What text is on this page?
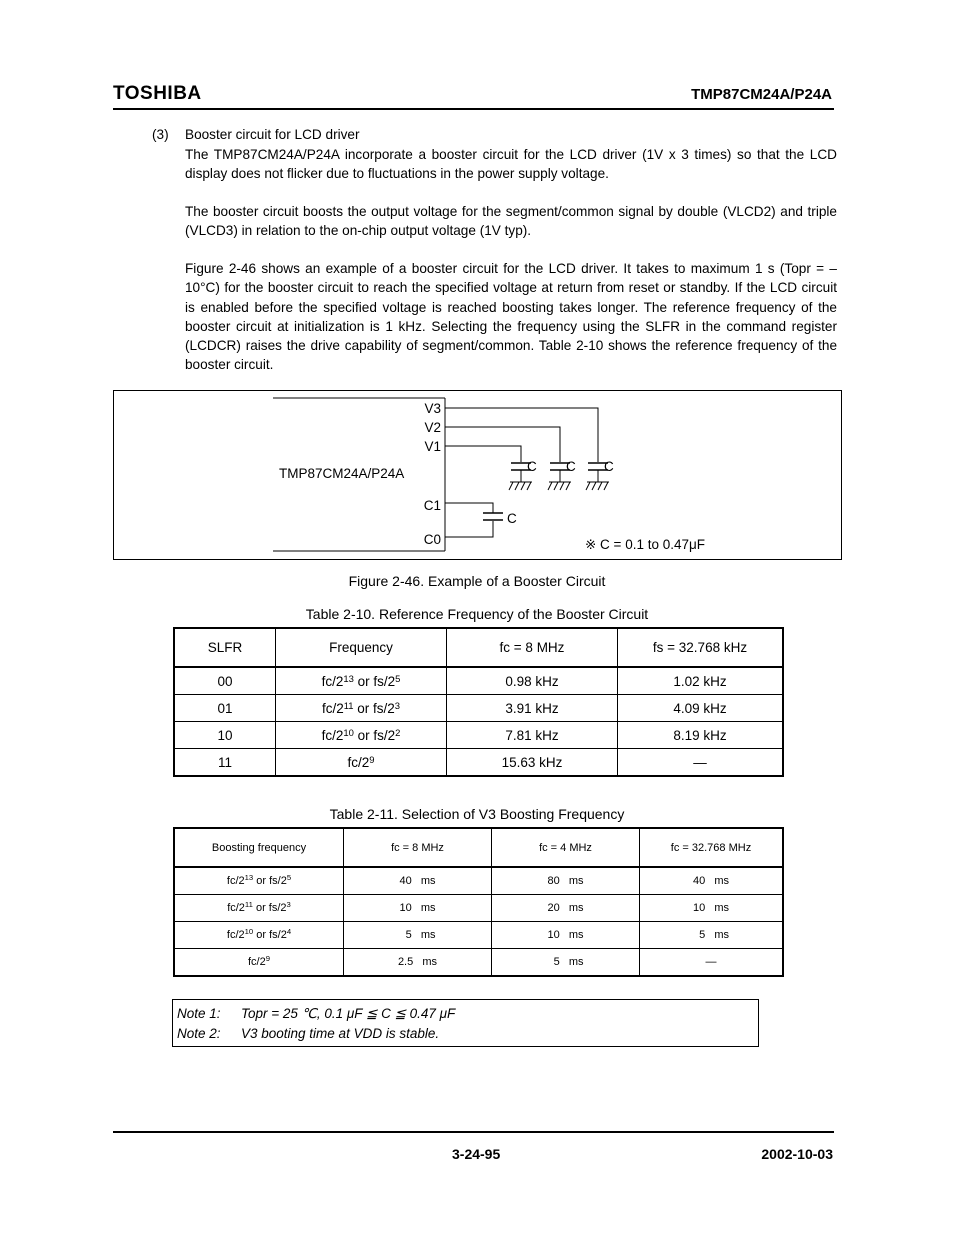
TOSHIBA	TMP87CM24A/P24A
(3) Booster circuit for LCD driver
The TMP87CM24A/P24A incorporate a booster circuit for the LCD driver (1V x 3 times) so that the LCD display does not flicker due to fluctuations in the power supply voltage.
The booster circuit boosts the output voltage for the segment/common signal by double (VLCD2) and triple (VLCD3) in relation to the on-chip output voltage (1V typ).
Figure 2-46 shows an example of a booster circuit for the LCD driver. It takes to maximum 1 s (Topr = – 10°C) for the booster circuit to reach the specified voltage at return from reset or standby. If the LCD circuit is enabled before the specified voltage is reached boosting takes longer. The reference frequency of the booster circuit at initialization is 1 kHz. Selecting the frequency using the SLFR in the command register (LCDCR) raises the drive capability of segment/common. Table 2-10 shows the reference frequency of the booster circuit.
TMP87CM24A/P24A
V3
V2
V1
C1
C0
C C C
C
※ C = 0.1 to 0.47μF
Figure 2-46. Example of a Booster Circuit
Table 2-10. Reference Frequency of the Booster Circuit
SLFR	Frequency	fc = 8 MHz	fs = 32.768 kHz
00	$fc/2^{13}$ or $fs/2^5$	0.98 kHz	1.02 kHz
01	$fc/2^{11}$ or $fs/2^3$	3.91 kHz	4.09 kHz
10	$fc/2^{10}$ or $fs/2^2$	7.81 kHz	8.19 kHz
11	$fc/2^9$	15.63 kHz	—
Table 2-11. Selection of V3 Boosting Frequency
Boosting frequency	fc = 8 MHz	fc = 4 MHz	fc = 32.768 MHz
$fc/2^{13}$ or $fs/2^5$	40   ms	80   ms	40   ms
$fc/2^{11}$ or $fs/2^3$	10   ms	20   ms	10   ms
$fc/2^{10}$ or $fs/2^4$	5   ms	10   ms	5   ms
$fc/2^9$	2.5   ms	5   ms	—
Note 1: Topr = 25 ℃, 0.1 μF ≦ C ≦ 0.47 μF
Note 2: V3 booting time at VDD is stable.
3-24-95	2002-10-03
